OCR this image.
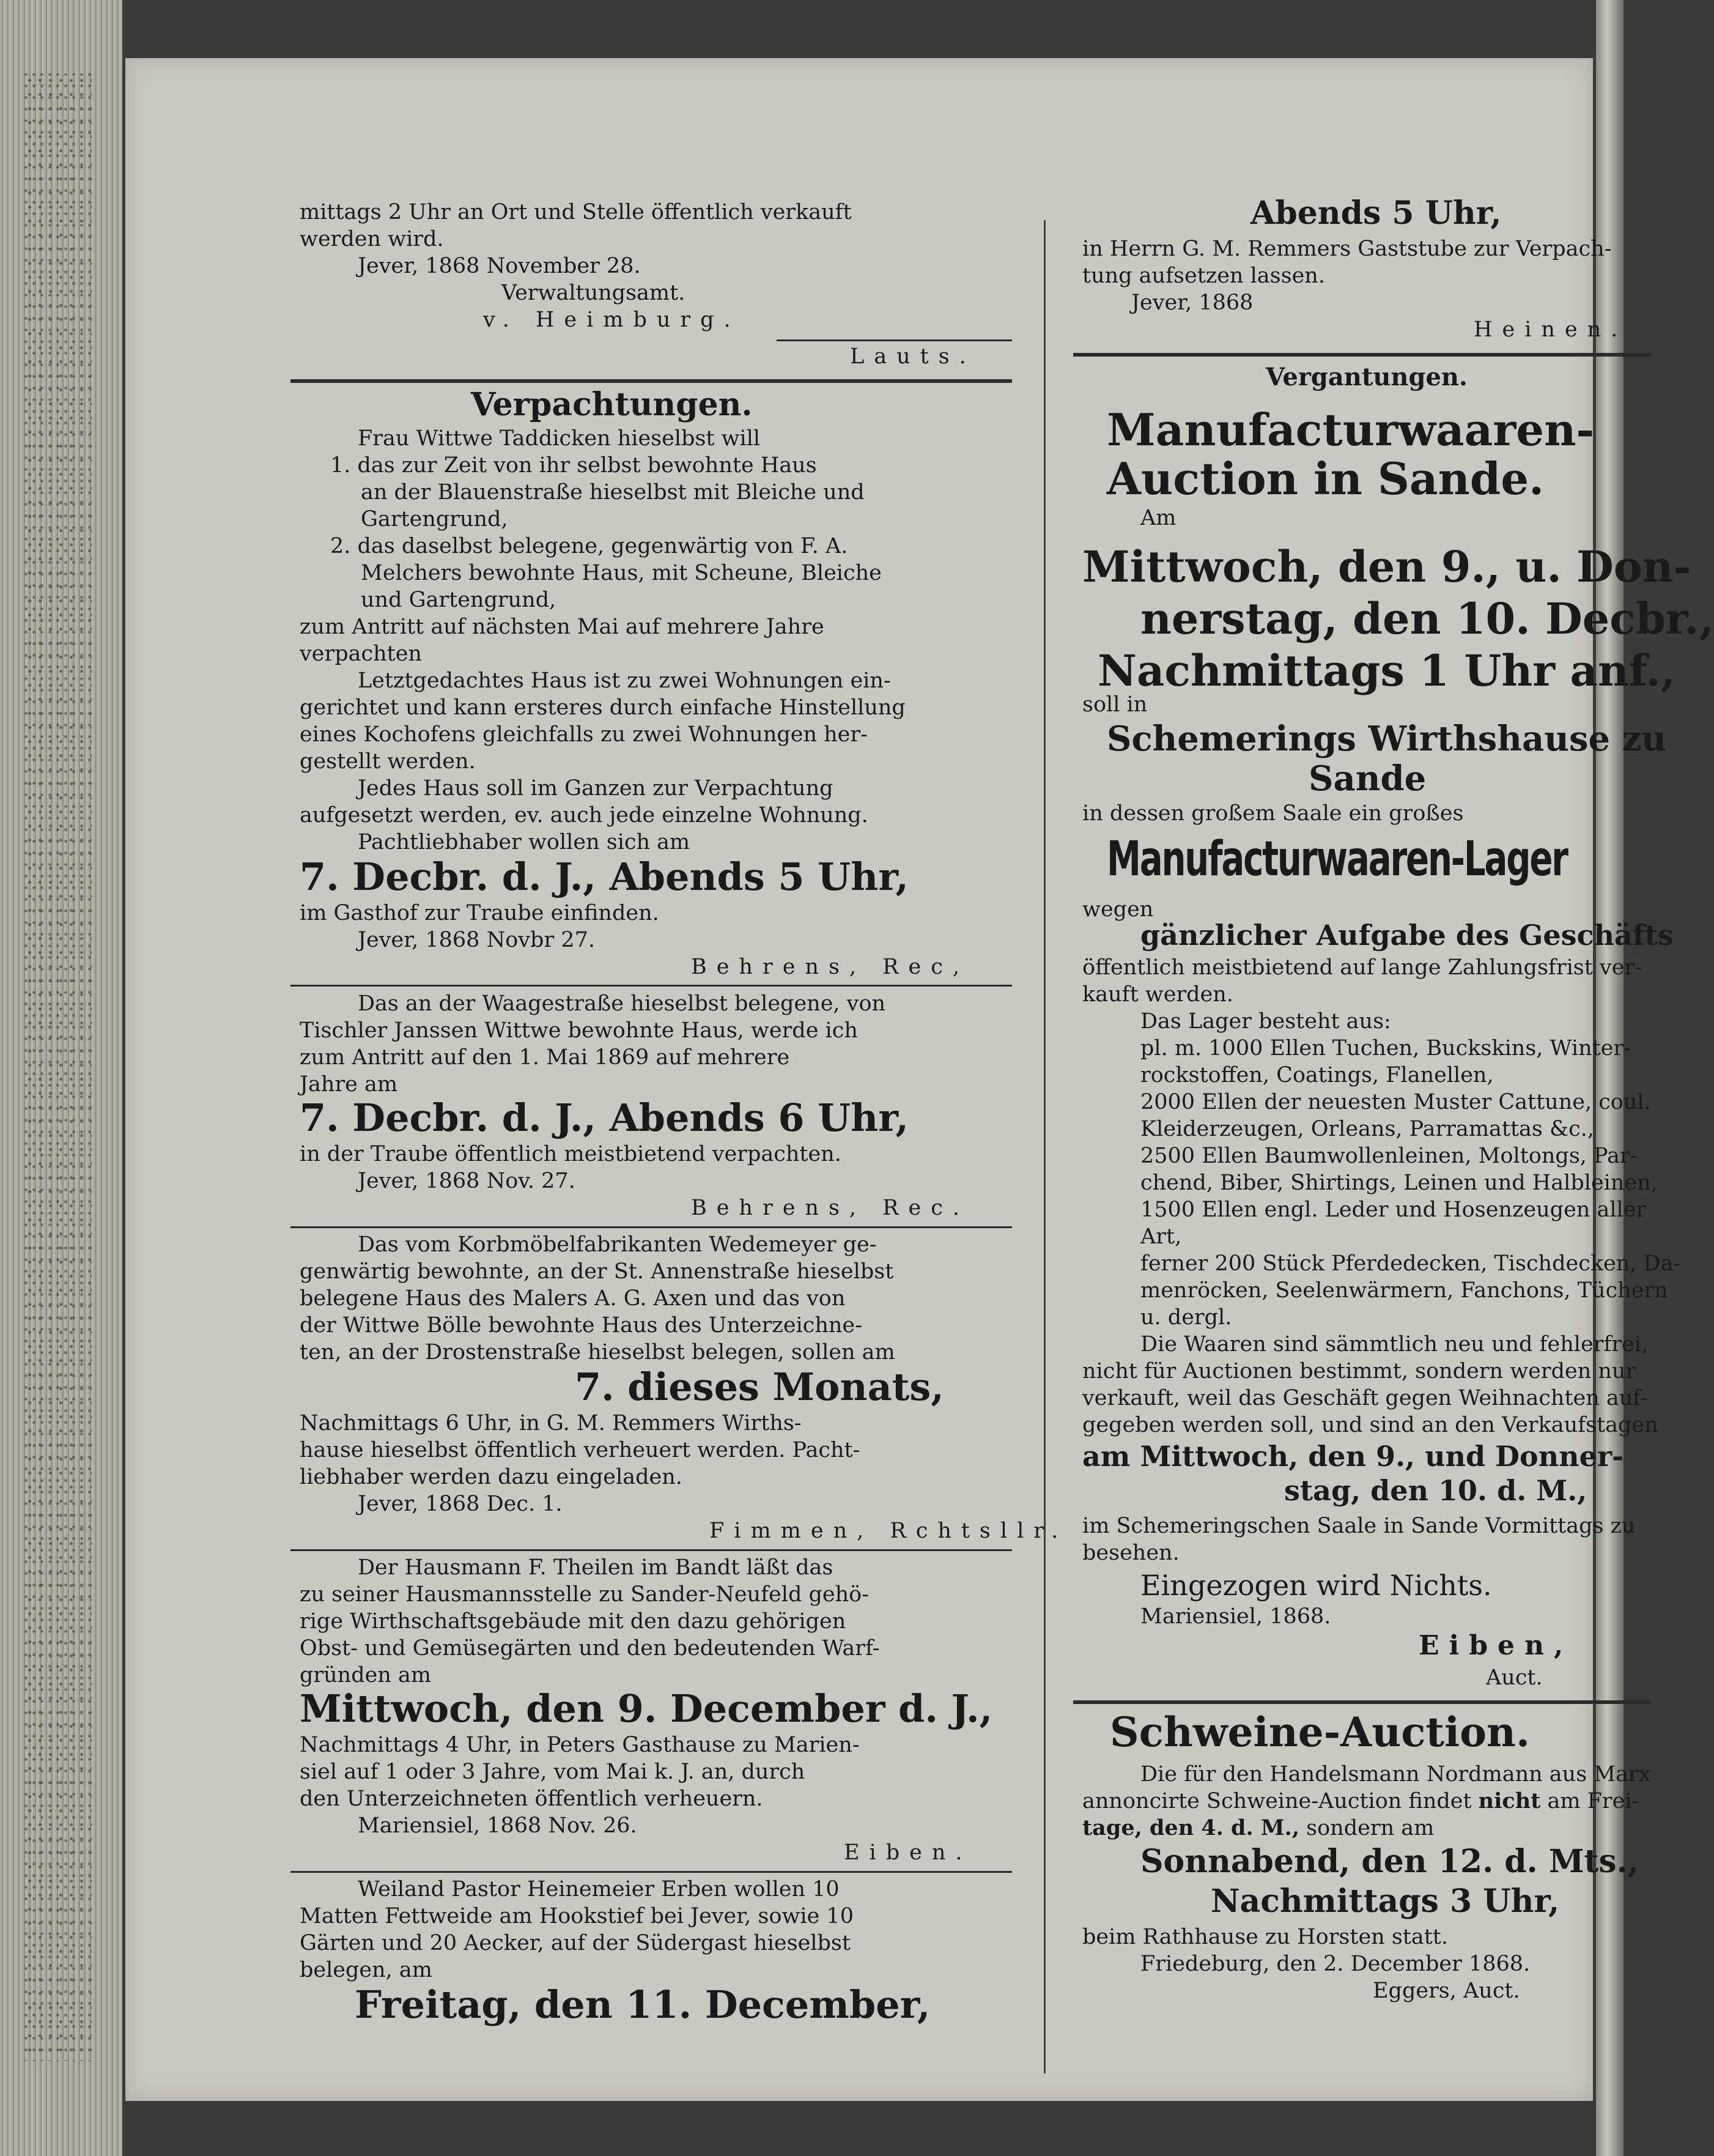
mittags 2 Uhr an Ort und Stelle öffentlich verkauft
werden wird.
Jever, 1868 November 28.
Verwaltungsamt.
v. Heimburg.
Lauts.
Verpachtungen.
Frau Wittwe Taddicken hieselbst will
1. das zur Zeit von ihr selbst bewohnte Haus
an der Blauenstraße hieselbst mit Bleiche und
Gartengrund,
2. das daselbst belegene, gegenwärtig von F. A.
Melchers bewohnte Haus, mit Scheune, Bleiche
und Gartengrund,
zum Antritt auf nächsten Mai auf mehrere Jahre
verpachten
Letztgedachtes Haus ist zu zwei Wohnungen ein-
gerichtet und kann ersteres durch einfache Hinstellung
eines Kochofens gleichfalls zu zwei Wohnungen her-
gestellt werden.
Jedes Haus soll im Ganzen zur Verpachtung
aufgesetzt werden, ev. auch jede einzelne Wohnung.
Pachtliebhaber wollen sich am
7. Decbr. d. J., Abends 5 Uhr,
im Gasthof zur Traube einfinden.
Jever, 1868 Novbr 27.
Behrens, Rec,
Das an der Waagestraße hieselbst belegene, von
Tischler Janssen Wittwe bewohnte Haus, werde ich
zum Antritt auf den 1. Mai 1869 auf mehrere
Jahre am
7. Decbr. d. J., Abends 6 Uhr,
in der Traube öffentlich meistbietend verpachten.
Jever, 1868 Nov. 27.
Behrens, Rec.
Das vom Korbmöbelfabrikanten Wedemeyer ge-
genwärtig bewohnte, an der St. Annenstraße hieselbst
belegene Haus des Malers A. G. Axen und das von
der Wittwe Bölle bewohnte Haus des Unterzeichne-
ten, an der Drostenstraße hieselbst belegen, sollen am
7. dieses Monats,
Nachmittags 6 Uhr, in G. M. Remmers Wirths-
hause hieselbst öffentlich verheuert werden. Pacht-
liebhaber werden dazu eingeladen.
Jever, 1868 Dec. 1.
Fimmen, Rchtsllr.
Der Hausmann F. Theilen im Bandt läßt das
zu seiner Hausmannsstelle zu Sander-Neufeld gehö-
rige Wirthschaftsgebäude mit den dazu gehörigen
Obst- und Gemüsegärten und den bedeutenden Warf-
gründen am
Mittwoch, den 9. December d. J.,
Nachmittags 4 Uhr, in Peters Gasthause zu Marien-
siel auf 1 oder 3 Jahre, vom Mai k. J. an, durch
den Unterzeichneten öffentlich verheuern.
Mariensiel, 1868 Nov. 26.
Eiben.
Weiland Pastor Heinemeier Erben wollen 10
Matten Fettweide am Hookstief bei Jever, sowie 10
Gärten und 20 Aecker, auf der Südergast hieselbst
belegen, am
Freitag, den 11. December,
Abends 5 Uhr,
in Herrn G. M. Remmers Gaststube zur Verpach-
tung aufsetzen lassen.
Jever, 1868
Heinen.
Vergantungen.
Manufacturwaaren-
Auction in Sande.
Am
Mittwoch, den 9., u. Don-
nerstag, den 10. Decbr.,
Nachmittags 1 Uhr anf.,
soll in
Schemerings Wirthshause zu
Sande
in dessen großem Saale ein großes
Manufacturwaaren-Lager
wegen
gänzlicher Aufgabe des Geschäfts
öffentlich meistbietend auf lange Zahlungsfrist ver-
kauft werden.
Das Lager besteht aus:
pl. m. 1000 Ellen Tuchen, Buckskins, Winter-
rockstoffen, Coatings, Flanellen,
2000 Ellen der neuesten Muster Cattune, coul.
Kleiderzeugen, Orleans, Parramattas &c.,
2500 Ellen Baumwollenleinen, Moltongs, Par-
chend, Biber, Shirtings, Leinen und Halbleinen,
1500 Ellen engl. Leder und Hosenzeugen aller
Art,
ferner 200 Stück Pferdedecken, Tischdecken, Da-
menröcken, Seelenwärmern, Fanchons, Tüchern
u. dergl.
Die Waaren sind sämmtlich neu und fehlerfrei,
nicht für Auctionen bestimmt, sondern werden nur
verkauft, weil das Geschäft gegen Weihnachten auf-
gegeben werden soll, und sind an den Verkaufstagen
am Mittwoch, den 9., und Donner-
stag, den 10. d. M.,
im Schemeringschen Saale in Sande Vormittags zu
besehen.
Eingezogen wird Nichts.
Mariensiel, 1868.
Eiben,
Auct.
Schweine-Auction.
Die für den Handelsmann Nordmann aus Marx
annoncirte Schweine-Auction findet nicht am Frei-
tage, den 4. d. M., sondern am
Sonnabend, den 12. d. Mts.,
Nachmittags 3 Uhr,
beim Rathhause zu Horsten statt.
Friedeburg, den 2. December 1868.
Eggers, Auct.
